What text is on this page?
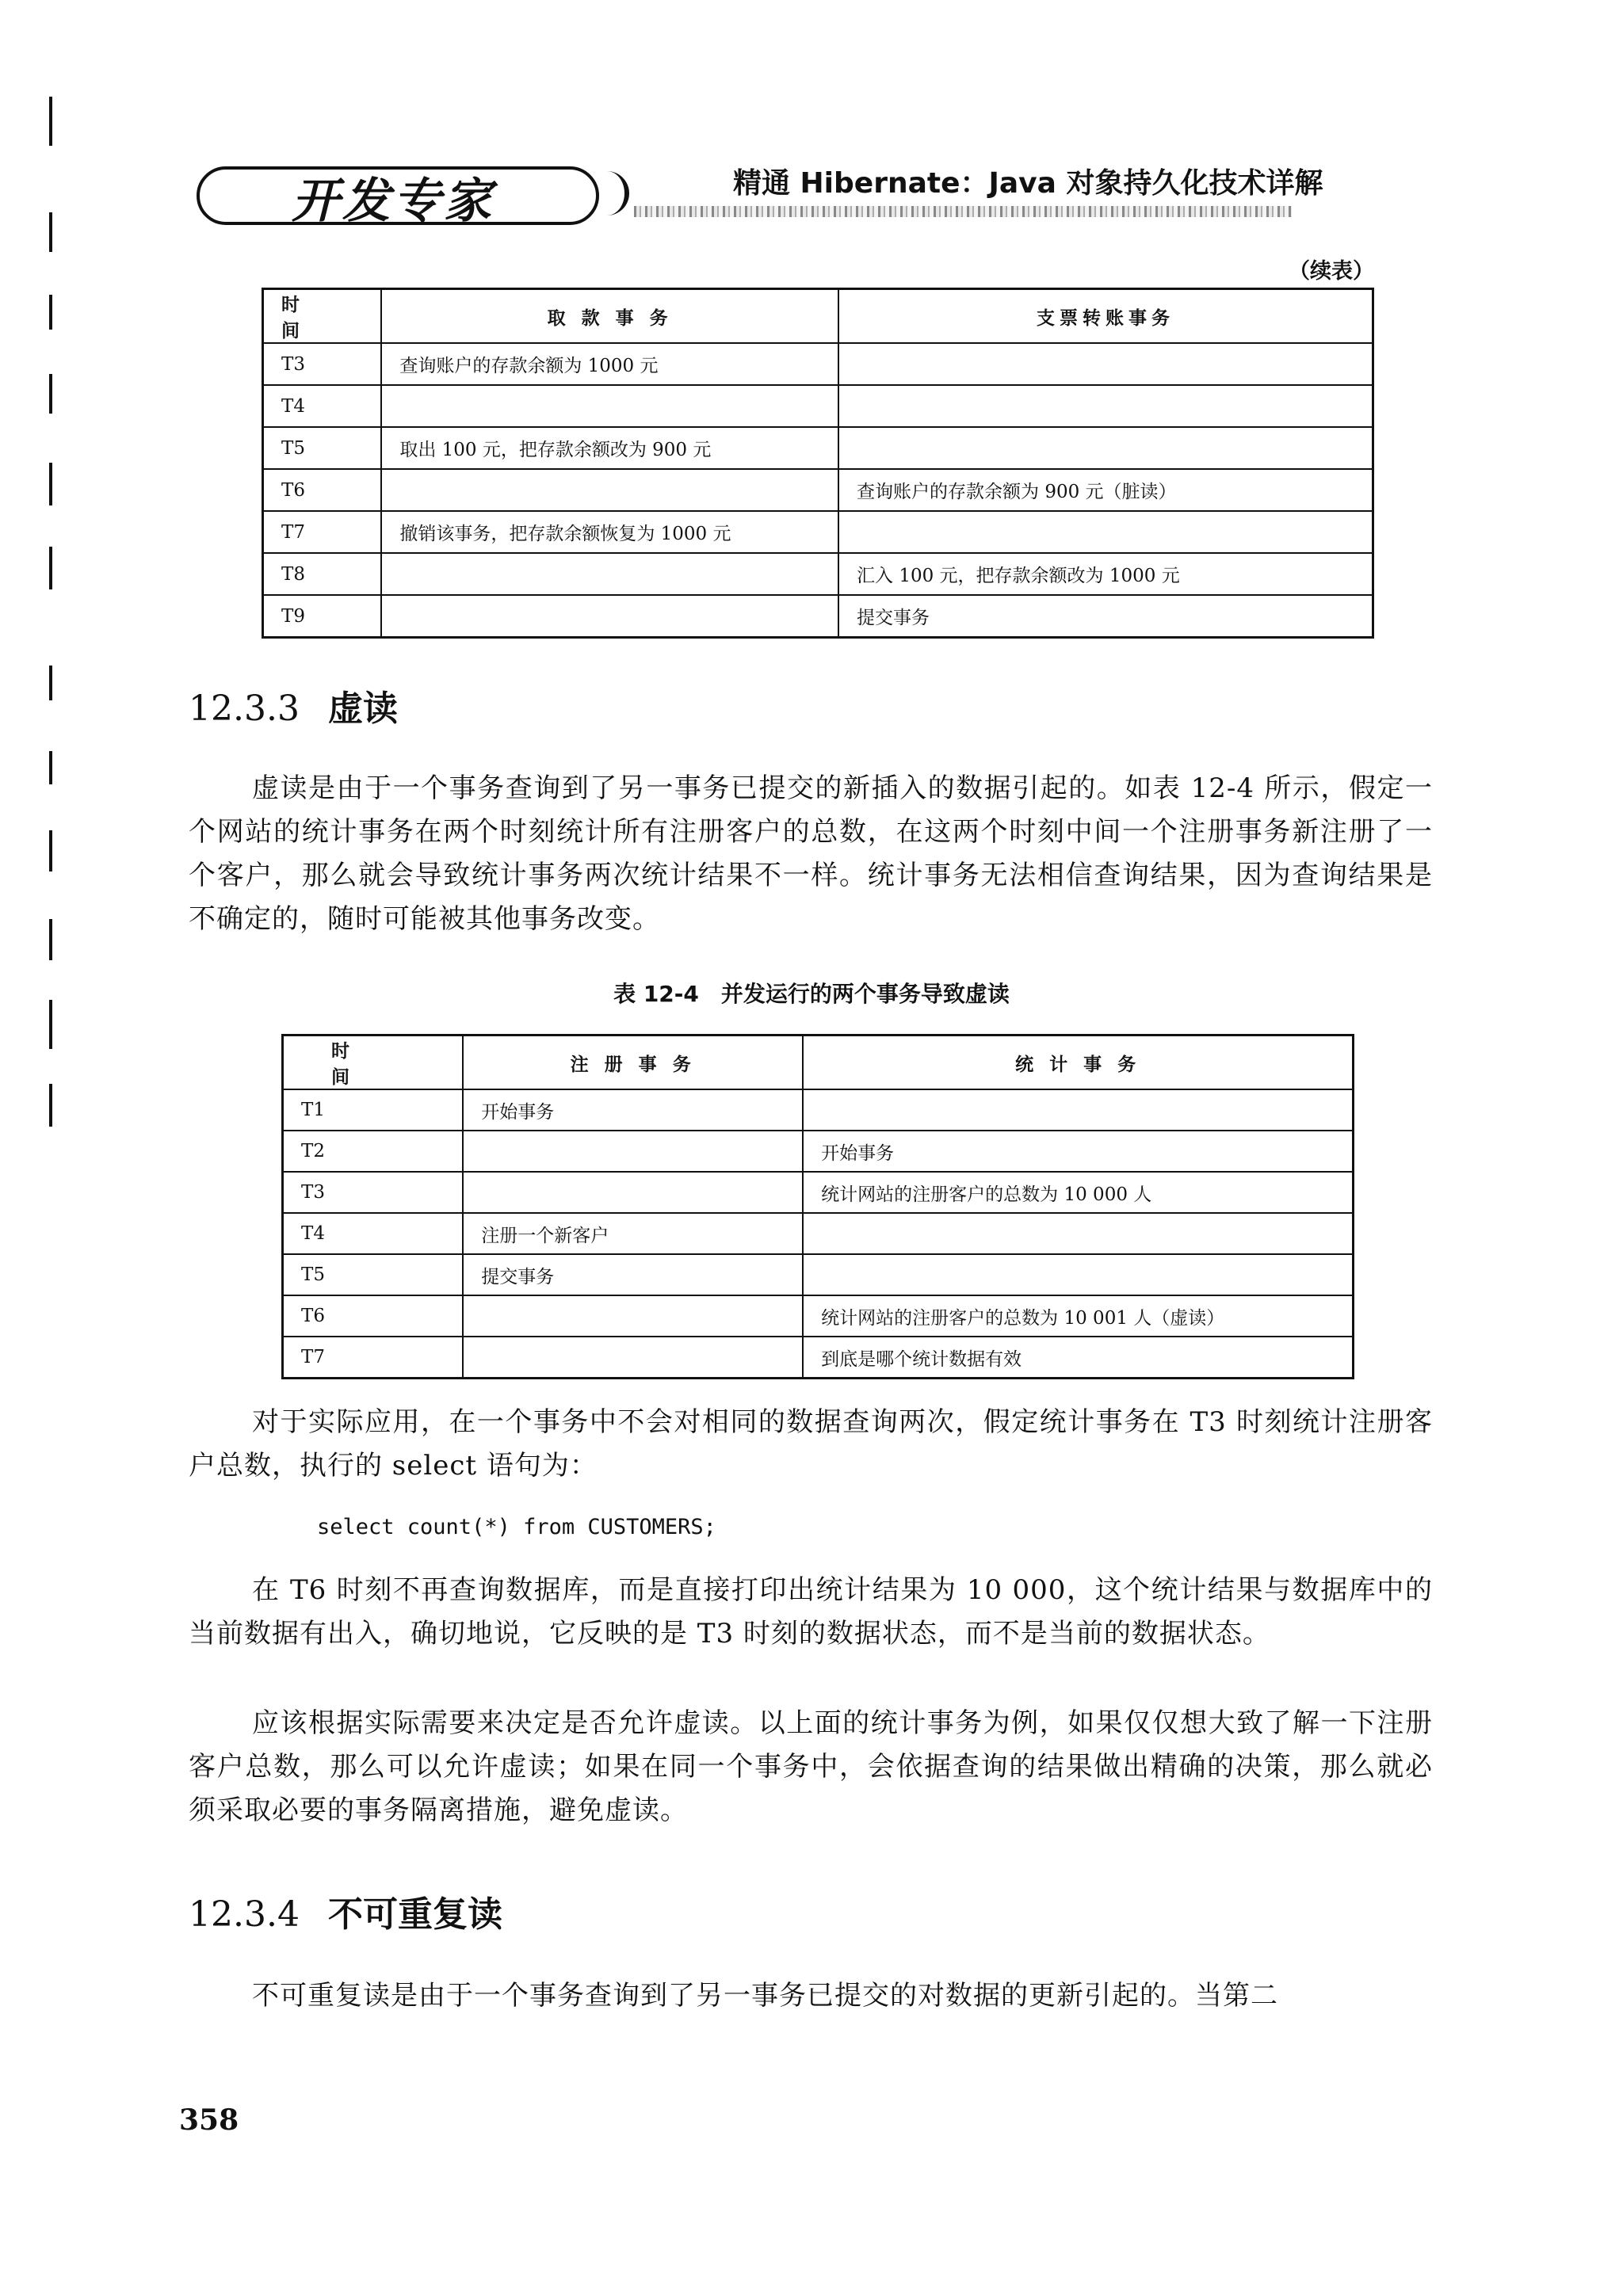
开发专家	精通 Hibernate：Java 对象持久化技术详解
（续表）
时 间	取 款 事 务	支票转账事务
T3	查询账户的存款余额为 1000 元	
T4		
T5	取出 100 元，把存款余额改为 900 元	
T6		查询账户的存款余额为 900 元（脏读）
T7	撤销该事务，把存款余额恢复为 1000 元	
T8		汇入 100 元，把存款余额改为 1000 元
T9		提交事务
12.3.3 虚读
虚读是由于一个事务查询到了另一事务已提交的新插入的数据引起的。如表 12-4 所示，假定一个网站的统计事务在两个时刻统计所有注册客户的总数，在这两个时刻中间一个注册事务新注册了一个客户，那么就会导致统计事务两次统计结果不一样。统计事务无法相信查询结果，因为查询结果是不确定的，随时可能被其他事务改变。
表 12-4　并发运行的两个事务导致虚读
时 间	注 册 事 务	统 计 事 务
T1	开始事务	
T2		开始事务
T3		统计网站的注册客户的总数为 10 000 人
T4	注册一个新客户	
T5	提交事务	
T6		统计网站的注册客户的总数为 10 001 人（虚读）
T7		到底是哪个统计数据有效
对于实际应用，在一个事务中不会对相同的数据查询两次，假定统计事务在 T3 时刻统计注册客户总数，执行的 select 语句为：
select count(*) from CUSTOMERS;
在 T6 时刻不再查询数据库，而是直接打印出统计结果为 10 000，这个统计结果与数据库中的当前数据有出入，确切地说，它反映的是 T3 时刻的数据状态，而不是当前的数据状态。
应该根据实际需要来决定是否允许虚读。以上面的统计事务为例，如果仅仅想大致了解一下注册客户总数，那么可以允许虚读；如果在同一个事务中，会依据查询的结果做出精确的决策，那么就必须采取必要的事务隔离措施，避免虚读。
12.3.4 不可重复读
不可重复读是由于一个事务查询到了另一事务已提交的对数据的更新引起的。当第二
358
